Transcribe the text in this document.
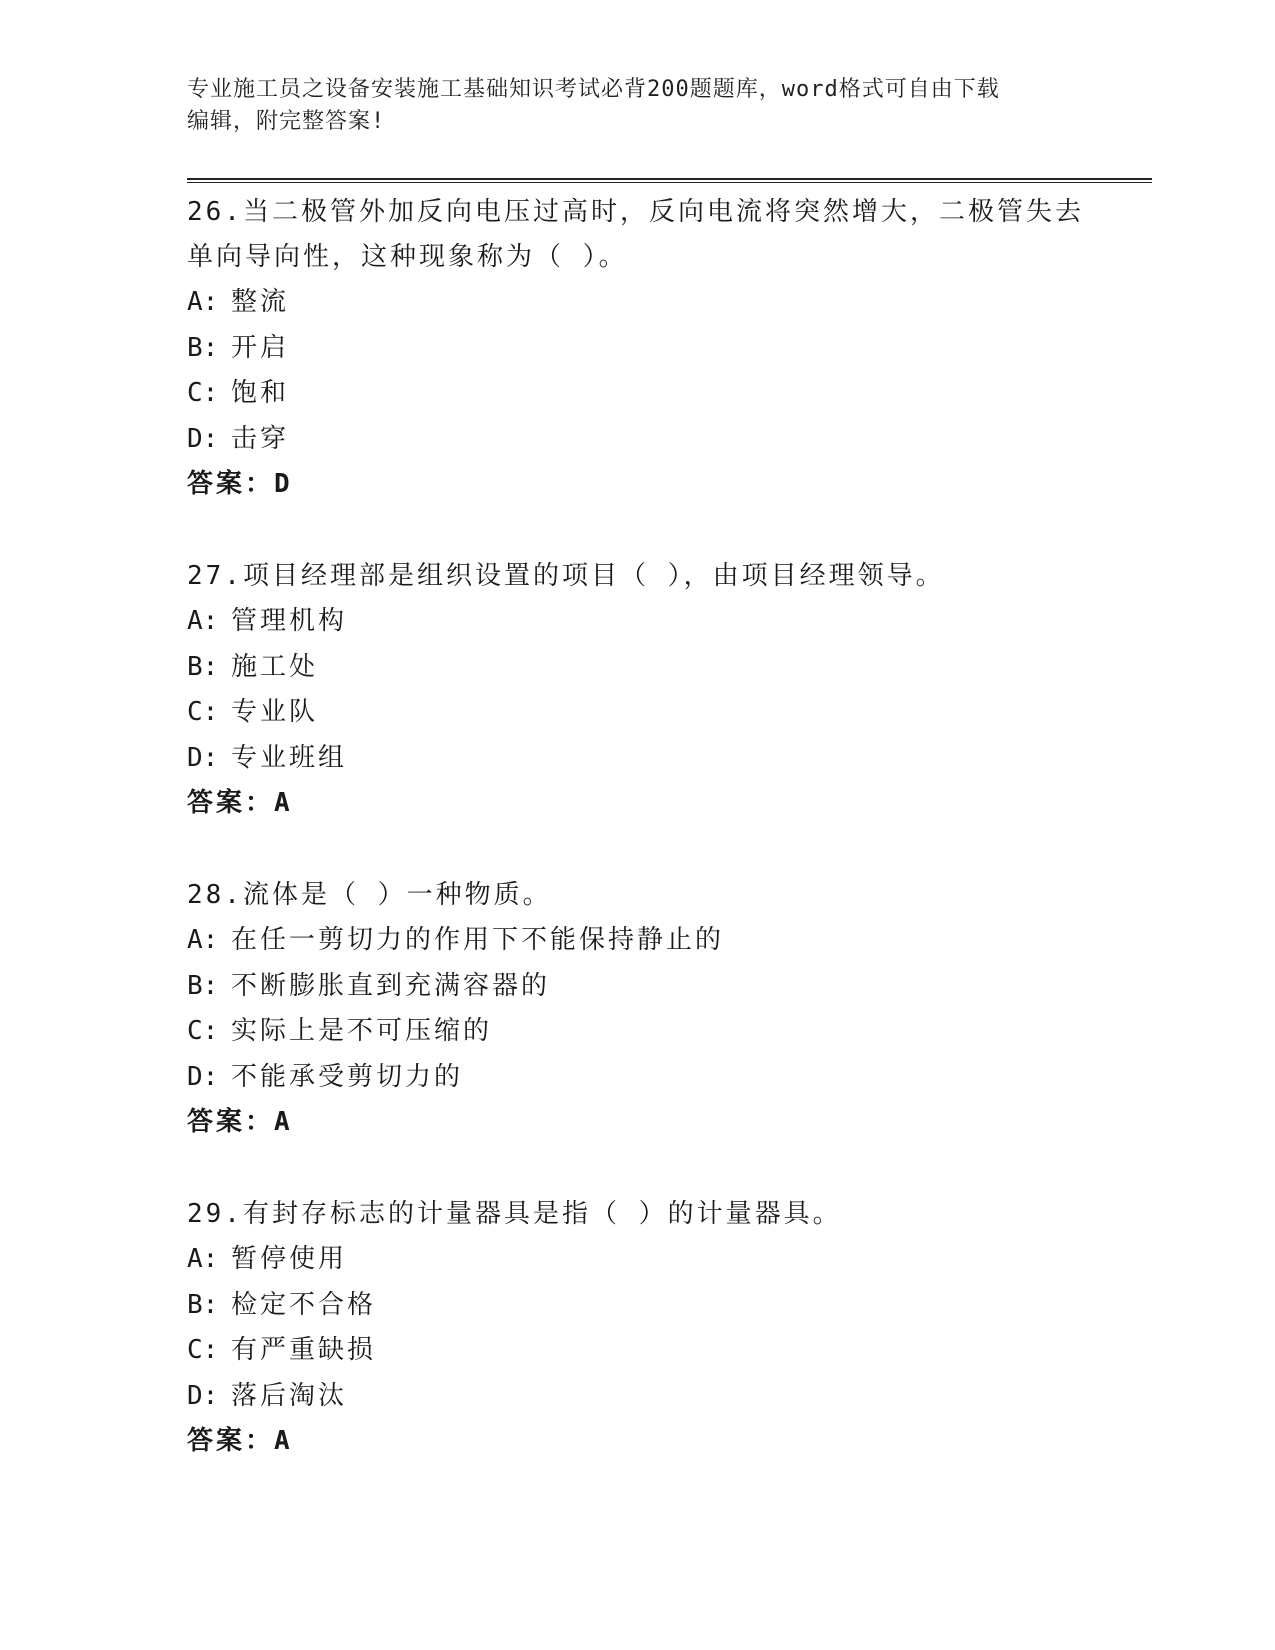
专业施工员之设备安装施工基础知识考试必背200题题库，word格式可自由下载
编辑，附完整答案!
26.当二极管外加反向电压过高时，反向电流将突然增大，二极管失去
单向导向性，这种现象称为（ ）。
A: 整流
B: 开启
C: 饱和
D: 击穿
答案：D
27.项目经理部是组织设置的项目（ ），由项目经理领导。
A: 管理机构
B: 施工处
C: 专业队
D: 专业班组
答案：A
28.流体是（ ）一种物质。
A: 在任一剪切力的作用下不能保持静止的
B: 不断膨胀直到充满容器的
C: 实际上是不可压缩的
D: 不能承受剪切力的
答案：A
29.有封存标志的计量器具是指（ ）的计量器具。
A: 暂停使用
B: 检定不合格
C: 有严重缺损
D: 落后淘汰
答案：A
